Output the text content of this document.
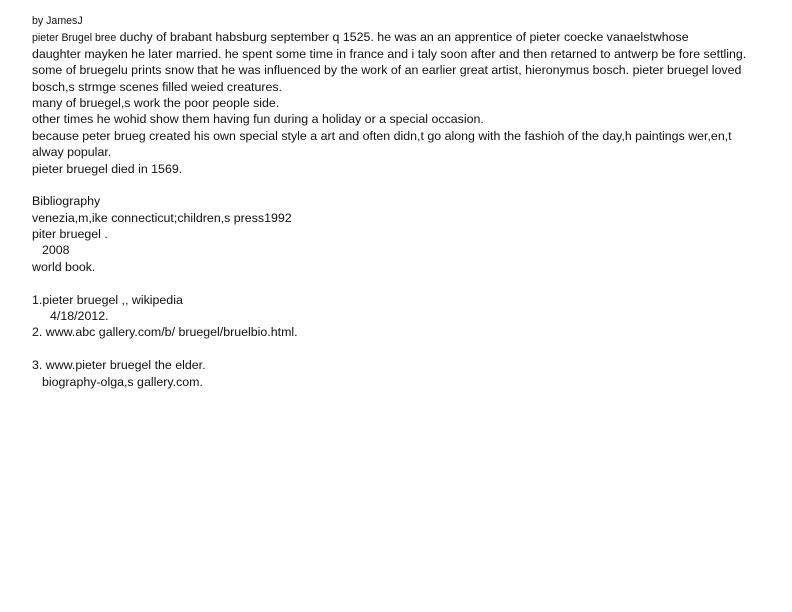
by JamesJ
pieter Brugel bree duchy of brabant habsburg september q 1525. he was an an apprentice of pieter coecke vanaelstwhose
daughter mayken he later married. he spent some time in france and i taly soon after and then retarned to antwerp be fore settling.
some of bruegelu prints snow that he was influenced by the work of an earlier great artist, hieronymus bosch. pieter bruegel loved
bosch,s strmge scenes filled weied creatures.
many of bruegel,s work the poor people side.
other times he wohid show them having fun during a holiday or a special occasion.
because peter brueg created his own special style a art and often didn,t go along with the fashioh of the day,h paintings wer,en,t
alway popular.
pieter bruegel died in 1569.
Bibliography
venezia,m,ike connecticut;children,s press1992
piter bruegel .
2008
world book.
1.pieter bruegel ,, wikipedia
4/18/2012.
2. www.abc gallery.com/b/ bruegel/bruelbio.html.
3. www.pieter bruegel the elder.
biography-olga,s gallery.com.
